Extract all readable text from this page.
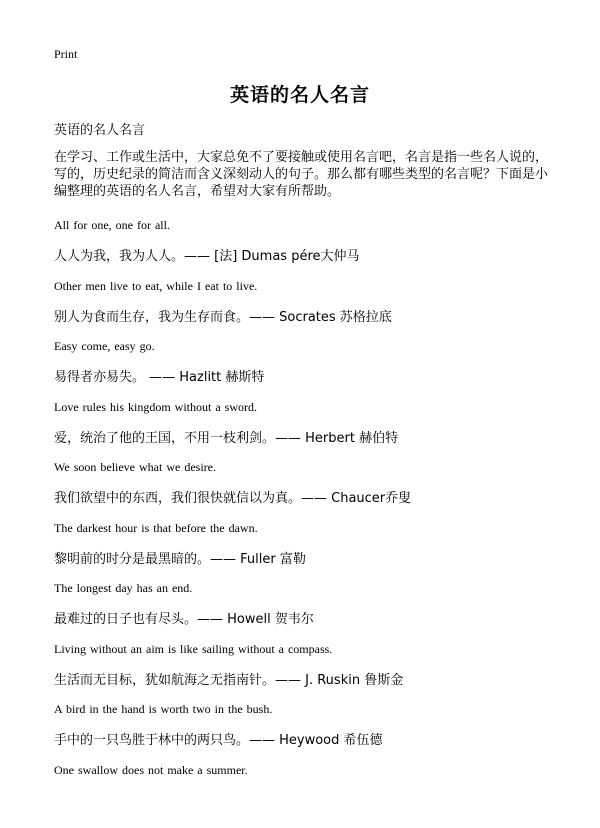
Print
英语的名人名言
英语的名人名言

在学习、工作或生活中，大家总免不了要接触或使用名言吧，名言是指一些名人说的，写的，历史纪录的简洁而含义深刻动人的句子。那么都有哪些类型的名言呢？下面是小编整理的英语的名人名言，希望对大家有所帮助。

All for one, one for all.
人人为我，我为人人。—— [法] Dumas pére大仲马
Other men live to eat, while I eat to live.
别人为食而生存，我为生存而食。—— Socrates 苏格拉底
Easy come, easy go.
易得者亦易失。 —— Hazlitt 赫斯特
Love rules his kingdom without a sword.
爱，统治了他的王国，不用一枝利剑。—— Herbert 赫伯特
We soon believe what we desire.
我们欲望中的东西，我们很快就信以为真。—— Chaucer乔叟
The darkest hour is that before the dawn.
黎明前的时分是最黑暗的。—— Fuller 富勒
The longest day has an end.
最难过的日子也有尽头。—— Howell 贺韦尔
Living without an aim is like sailing without a compass.
生活而无目标，犹如航海之无指南针。—— J. Ruskin 鲁斯金
A bird in the hand is worth two in the bush.
手中的一只鸟胜于林中的两只鸟。—— Heywood 希伍德
One swallow does not make a summer.
